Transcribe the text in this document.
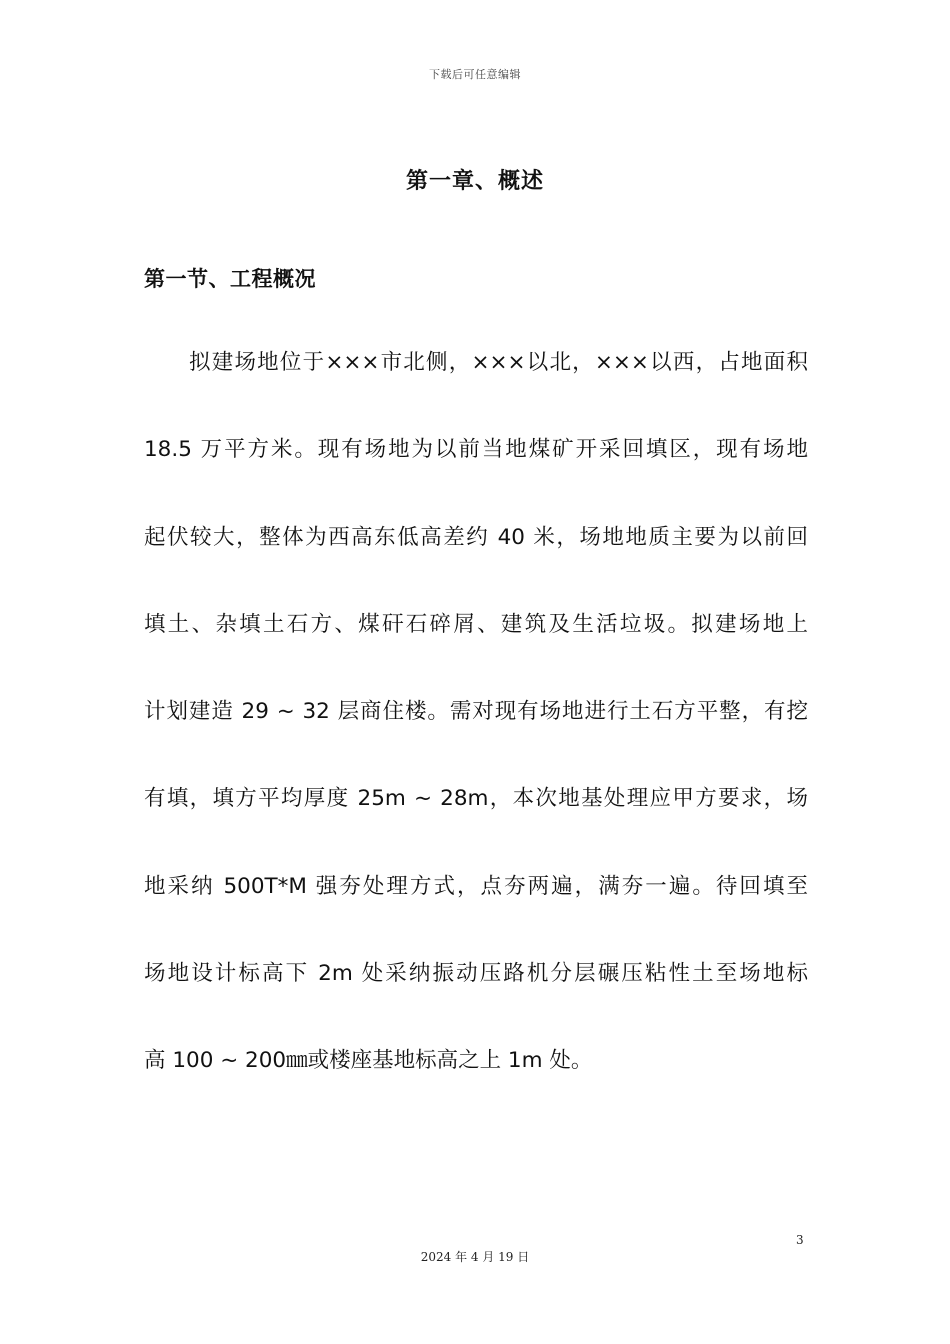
下载后可任意编辑
第一章、概述
第一节、工程概况
拟建场地位于×××市北侧，×××以北，×××以西，占地面积
18.5 万平方米。现有场地为以前当地煤矿开采回填区，现有场地
起伏较大，整体为西高东低高差约 40 米，场地地质主要为以前回
填土、杂填土石方、煤矸石碎屑、建筑及生活垃圾。拟建场地上
计划建造 29 ~ 32 层商住楼。需对现有场地进行土石方平整，有挖
有填，填方平均厚度 25m ~ 28m，本次地基处理应甲方要求，场
地采纳 500T*M 强夯处理方式，点夯两遍，满夯一遍。待回填至
场地设计标高下 2m 处采纳振动压路机分层碾压粘性土至场地标
高 100 ~ 200㎜或楼座基地标高之上 1m 处。
3
2024 年 4 月 19 日
